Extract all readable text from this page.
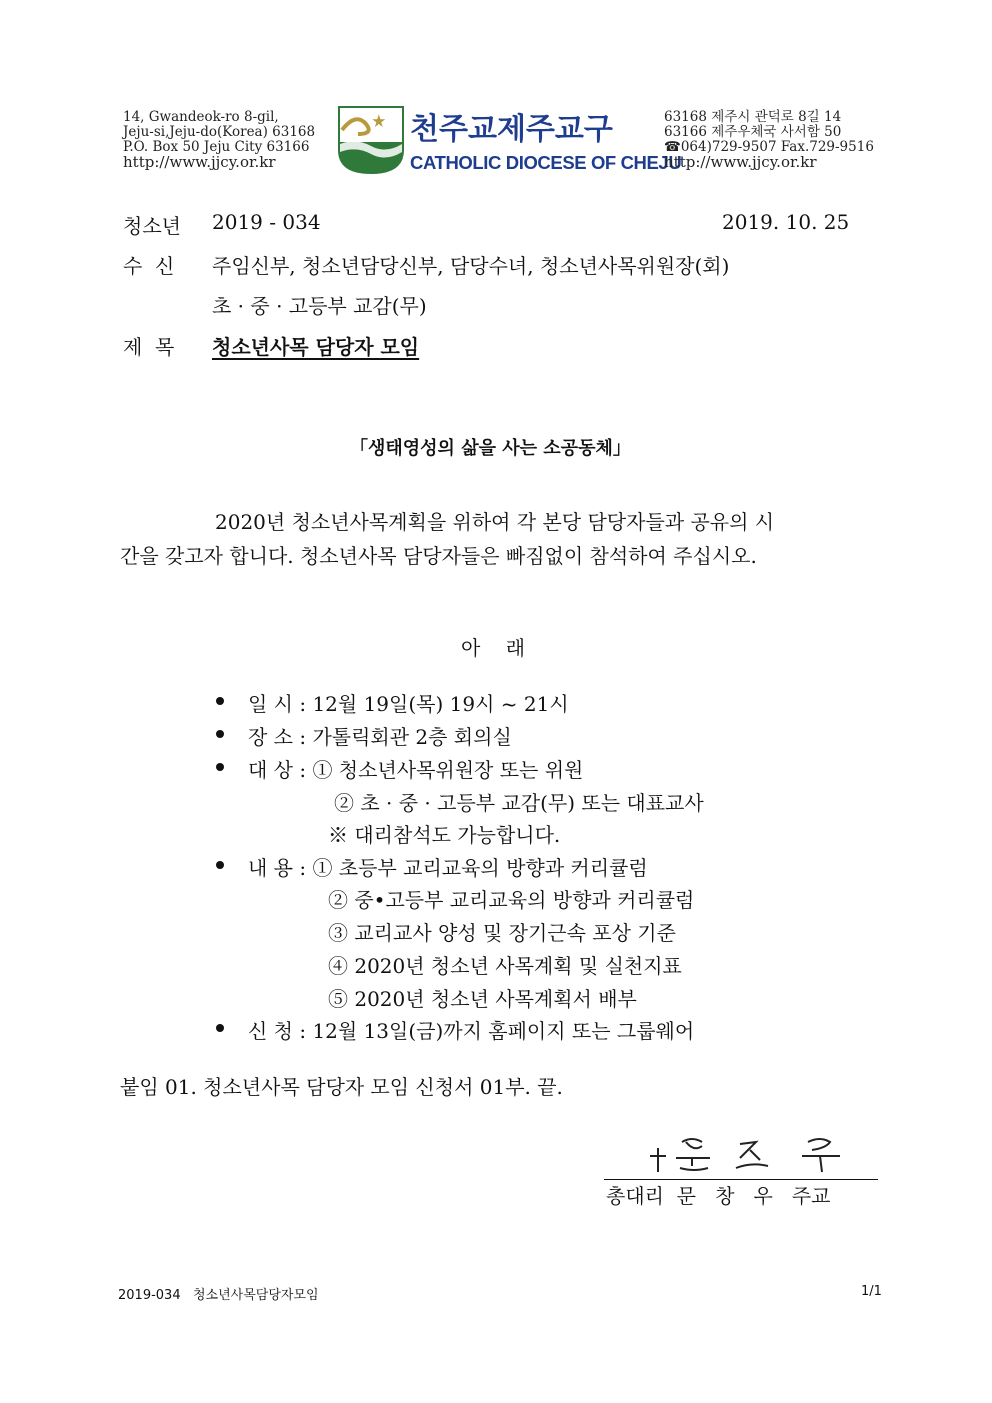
14, Gwandeok-ro 8-gil,
Jeju-si,Jeju-do(Korea) 63168
P.O. Box 50 Jeju City 63166
http://www.jjcy.or.kr
천주교제주교구
CATHOLIC DIOCESE OF CHEJU
63168 제주시 관덕로 8길 14
63166 제주우체국 사서함 50
☎064)729-9507 Fax.729-9516
http://www.jjcy.or.kr
청소년 2019 - 034	2019. 10. 25
수  신 주임신부, 청소년담당신부, 담당수녀, 청소년사목위원장(회)
초 · 중 · 고등부 교감(무)
제  목 청소년사목 담당자 모임
「생태영성의 삶을 사는 소공동체」
2020년 청소년사목계획을 위하여 각 본당 담당자들과 공유의 시
간을 갖고자 합니다. 청소년사목 담당자들은 빠짐없이 참석하여 주십시오.
아    래
일 시 : 12월 19일(목) 19시 ~ 21시
장 소 : 가톨릭회관 2층 회의실
대 상 : ① 청소년사목위원장 또는 위원
② 초 · 중 · 고등부 교감(무) 또는 대표교사
※ 대리참석도 가능합니다.
내 용 : ① 초등부 교리교육의 방향과 커리큘럼
② 중•고등부 교리교육의 방향과 커리큘럼
③ 교리교사 양성 및 장기근속 포상 기준
④ 2020년 청소년 사목계획 및 실천지표
⑤ 2020년 청소년 사목계획서 배부
신 청 : 12월 13일(금)까지 홈페이지 또는 그룹웨어
붙임 01. 청소년사목 담당자 모임 신청서 01부. 끝.
총대리  문   창   우   주교
2019-034   청소년사목담당자모임	1/1
